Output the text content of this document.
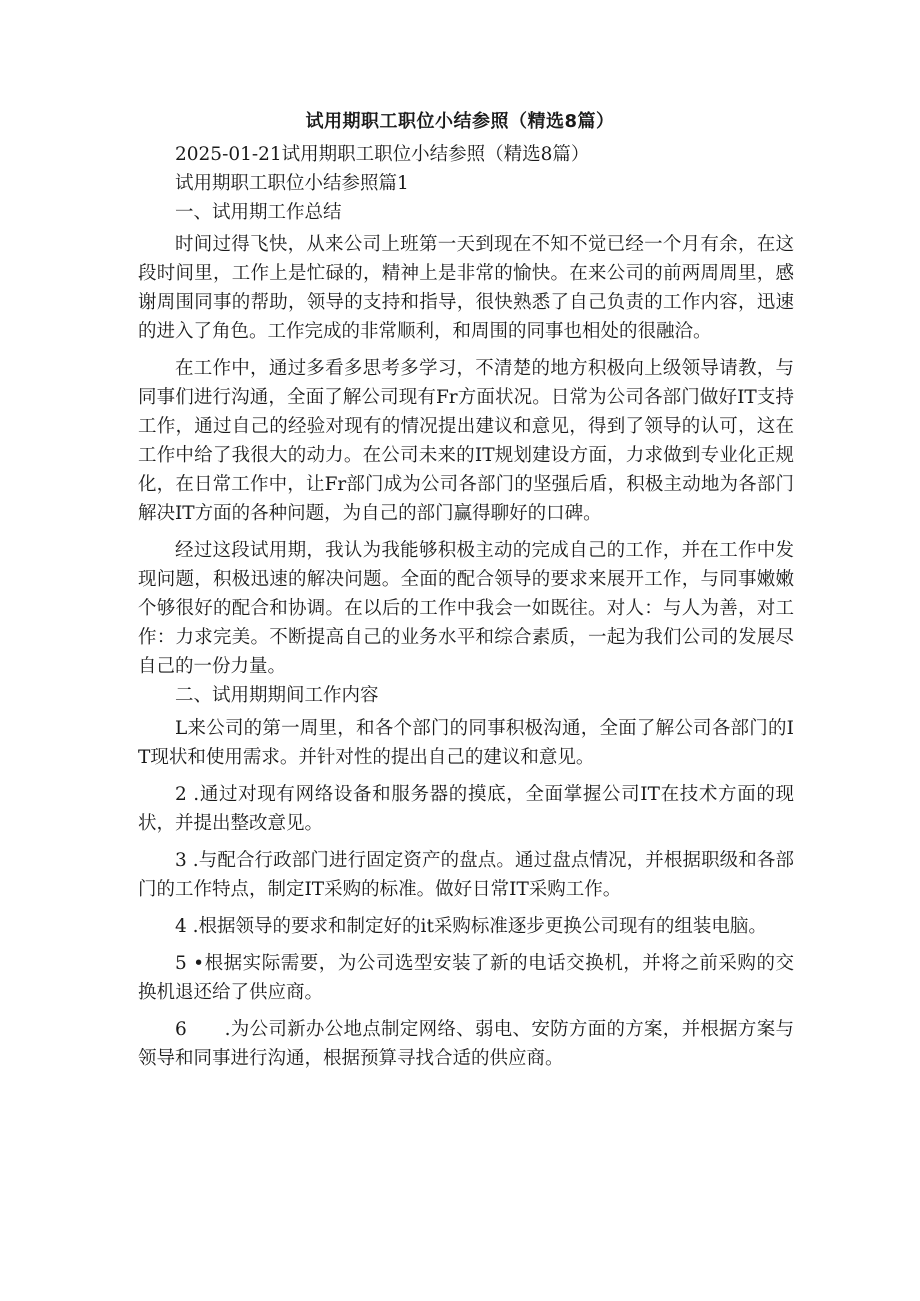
试用期职工职位小结参照（精选8篇）

2025-01-21试用期职工职位小结参照（精选8篇）

试用期职工职位小结参照篇1

一、试用期工作总结

时间过得飞快，从来公司上班第一天到现在不知不觉已经一个月有余，在这段时间里，工作上是忙碌的，精神上是非常的愉快。在来公司的前两周周里，感谢周围同事的帮助，领导的支持和指导，很快熟悉了自己负责的工作内容，迅速的进入了角色。工作完成的非常顺利，和周围的同事也相处的很融洽。

在工作中，通过多看多思考多学习，不清楚的地方积极向上级领导请教，与同事们进行沟通，全面了解公司现有Fr方面状况。日常为公司各部门做好IT支持工作，通过自己的经验对现有的情况提出建议和意见，得到了领导的认可，这在工作中给了我很大的动力。在公司未来的IT规划建设方面，力求做到专业化正规化，在日常工作中，让Fr部门成为公司各部门的坚强后盾，积极主动地为各部门解决IT方面的各种问题，为自己的部门赢得聊好的口碑。

经过这段试用期，我认为我能够积极主动的完成自己的工作，并在工作中发现问题，积极迅速的解决问题。全面的配合领导的要求来展开工作，与同事嫩嫩个够很好的配合和协调。在以后的工作中我会一如既往。对人：与人为善，对工作：力求完美。不断提高自己的业务水平和综合素质，一起为我们公司的发展尽自己的一份力量。

二、试用期期间工作内容

L来公司的第一周里，和各个部门的同事积极沟通，全面了解公司各部门的IT现状和使用需求。并针对性的提出自己的建议和意见。

2 .通过对现有网络设备和服务器的摸底，全面掌握公司IT在技术方面的现状，并提出整改意见。

3 .与配合行政部门进行固定资产的盘点。通过盘点情况，并根据职级和各部门的工作特点，制定IT采购的标准。做好日常IT采购工作。

4 .根据领导的要求和制定好的it采购标准逐步更换公司现有的组装电脑。

5 •根据实际需要，为公司选型安装了新的电话交换机，并将之前采购的交换机退还给了供应商。

6　　.为公司新办公地点制定网络、弱电、安防方面的方案，并根据方案与领导和同事进行沟通，根据预算寻找合适的供应商。
